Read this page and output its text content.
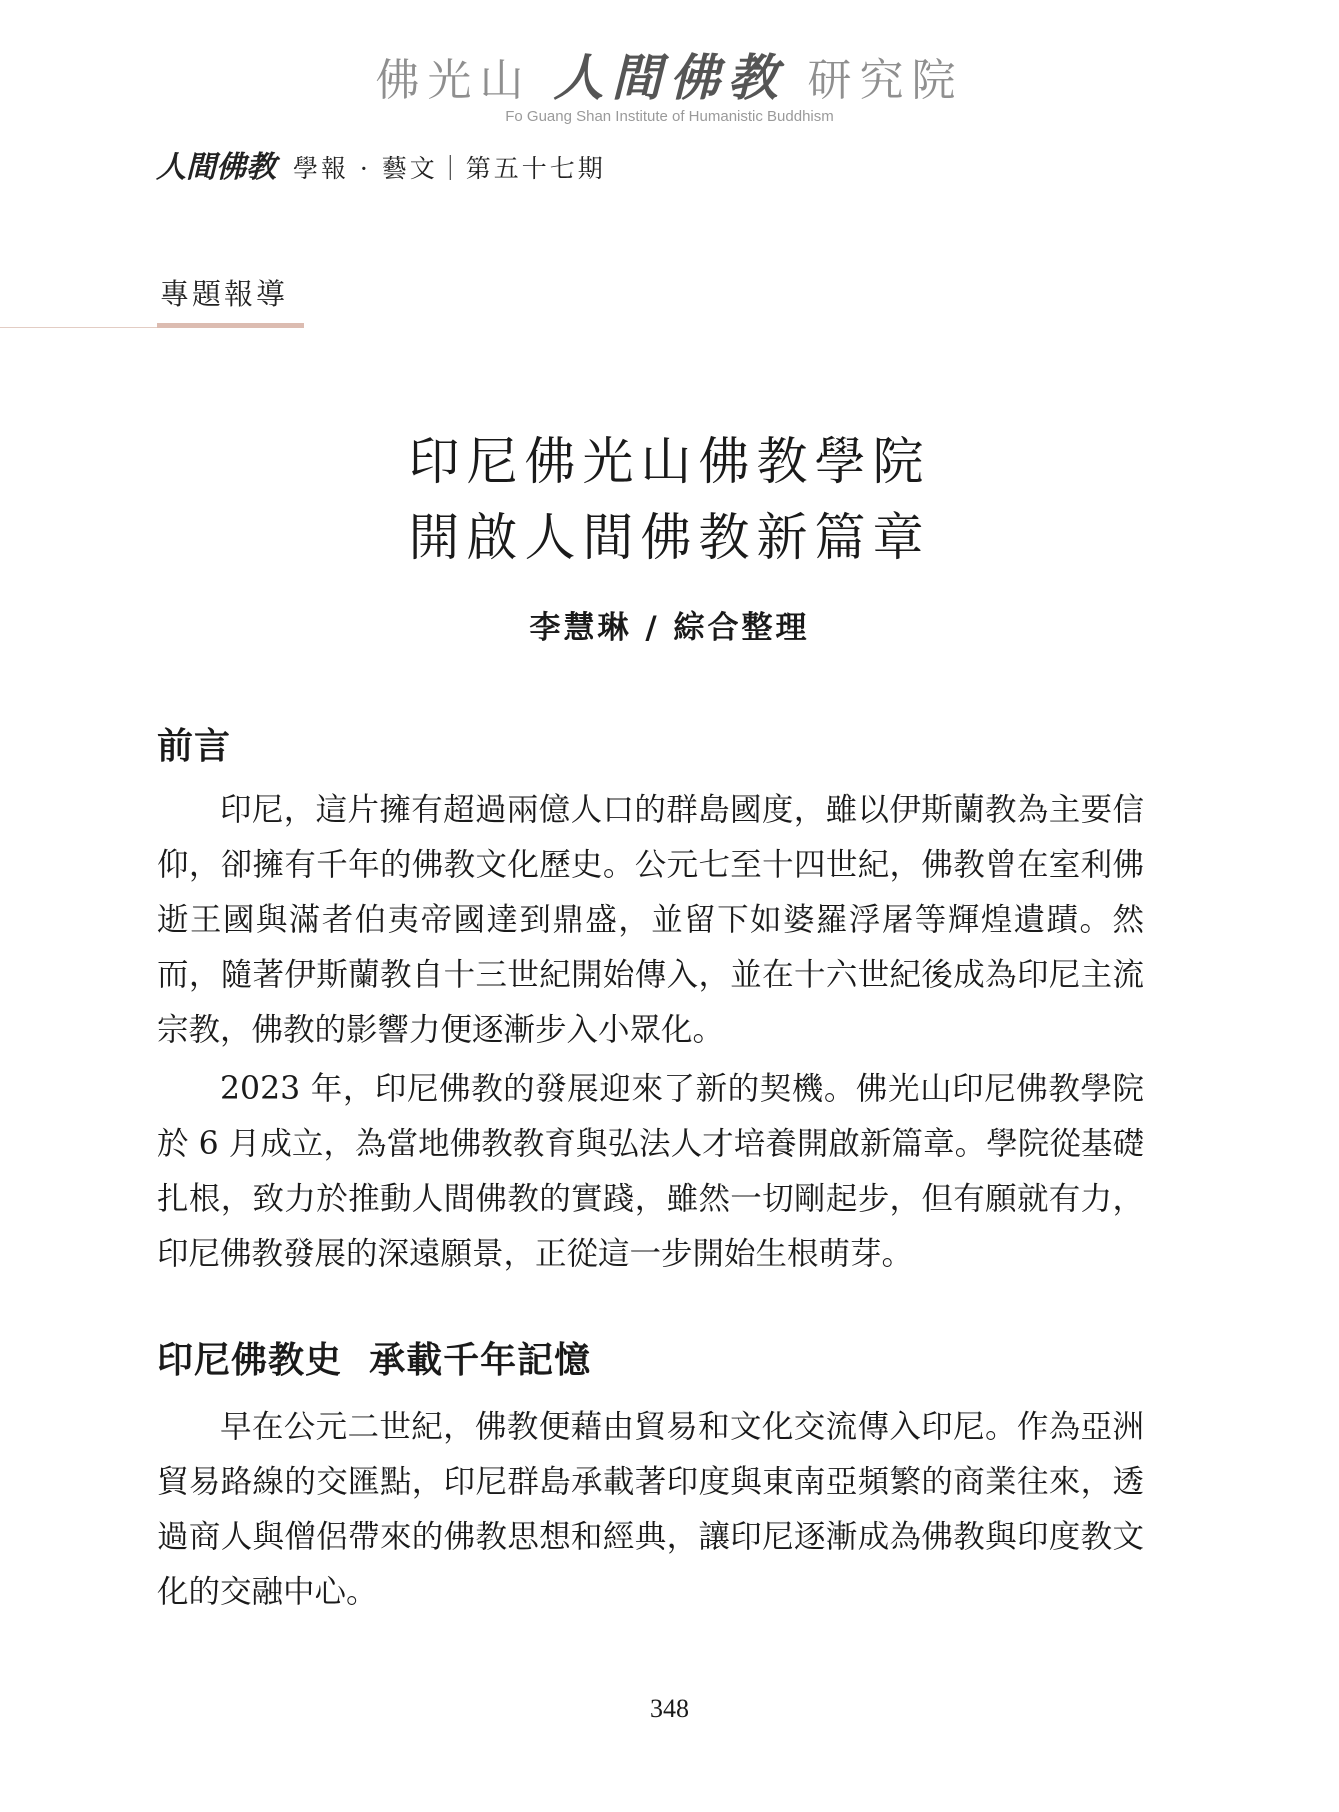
佛光山 人間佛教 研究院
Fo Guang Shan Institute of Humanistic Buddhism
人間佛教 學報 · 藝文｜第五十七期
專題報導
印尼佛光山佛教學院
開啟人間佛教新篇章
李慧琳 / 綜合整理
前言

印尼，這片擁有超過兩億人口的群島國度，雖以伊斯蘭教為主要信仰，卻擁有千年的佛教文化歷史。公元七至十四世紀，佛教曾在室利佛逝王國與滿者伯夷帝國達到鼎盛，並留下如婆羅浮屠等輝煌遺蹟。然而，隨著伊斯蘭教自十三世紀開始傳入，並在十六世紀後成為印尼主流宗教，佛教的影響力便逐漸步入小眾化。

2023 年，印尼佛教的發展迎來了新的契機。佛光山印尼佛教學院於 6 月成立，為當地佛教教育與弘法人才培養開啟新篇章。學院從基礎扎根，致力於推動人間佛教的實踐，雖然一切剛起步，但有願就有力，印尼佛教發展的深遠願景，正從這一步開始生根萌芽。

印尼佛教史  承載千年記憶

早在公元二世紀，佛教便藉由貿易和文化交流傳入印尼。作為亞洲貿易路線的交匯點，印尼群島承載著印度與東南亞頻繁的商業往來，透過商人與僧侶帶來的佛教思想和經典，讓印尼逐漸成為佛教與印度教文化的交融中心。

348
